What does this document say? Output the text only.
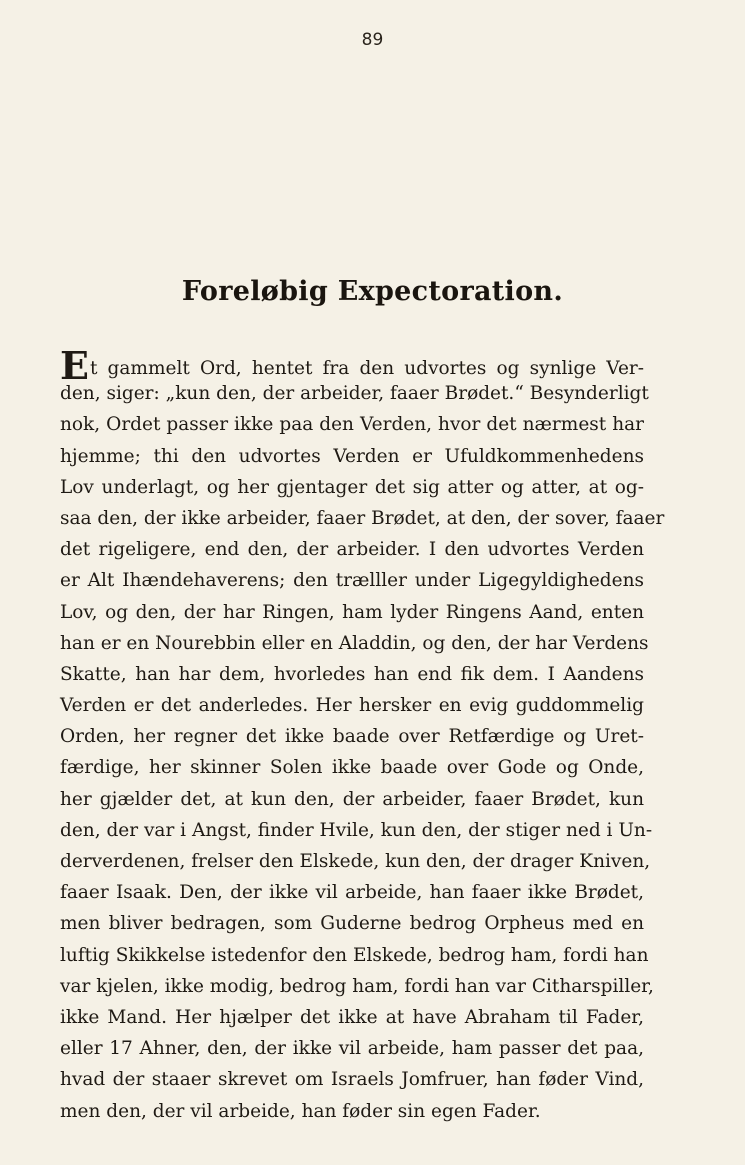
89
Foreløbig Expectoration.
Et gammelt Ord, hentet fra den udvortes og synlige Ver-
den, siger: „kun den, der arbeider, faaer Brødet.“ Besynderligt
nok, Ordet passer ikke paa den Verden, hvor det nærmest har
hjemme; thi den udvortes Verden er Ufuldkommenhedens
Lov underlagt, og her gjentager det sig atter og atter, at og-
saa den, der ikke arbeider, faaer Brødet, at den, der sover, faaer
det rigeligere, end den, der arbeider. I den udvortes Verden
er Alt Ihændehaverens; den trælller under Ligegyldighedens
Lov, og den, der har Ringen, ham lyder Ringens Aand, enten
han er en Nourebbin eller en Aladdin, og den, der har Verdens
Skatte, han har dem, hvorledes han end fik dem. I Aandens
Verden er det anderledes. Her hersker en evig guddommelig
Orden, her regner det ikke baade over Retfærdige og Uret-
færdige, her skinner Solen ikke baade over Gode og Onde,
her gjælder det, at kun den, der arbeider, faaer Brødet, kun
den, der var i Angst, finder Hvile, kun den, der stiger ned i Un-
derverdenen, frelser den Elskede, kun den, der drager Kniven,
faaer Isaak. Den, der ikke vil arbeide, han faaer ikke Brødet,
men bliver bedragen, som Guderne bedrog Orpheus med en
luftig Skikkelse istedenfor den Elskede, bedrog ham, fordi han
var kjelen, ikke modig, bedrog ham, fordi han var Citharspiller,
ikke Mand. Her hjælper det ikke at have Abraham til Fader,
eller 17 Ahner, den, der ikke vil arbeide, ham passer det paa,
hvad der staaer skrevet om Israels Jomfruer, han føder Vind,
men den, der vil arbeide, han føder sin egen Fader.
